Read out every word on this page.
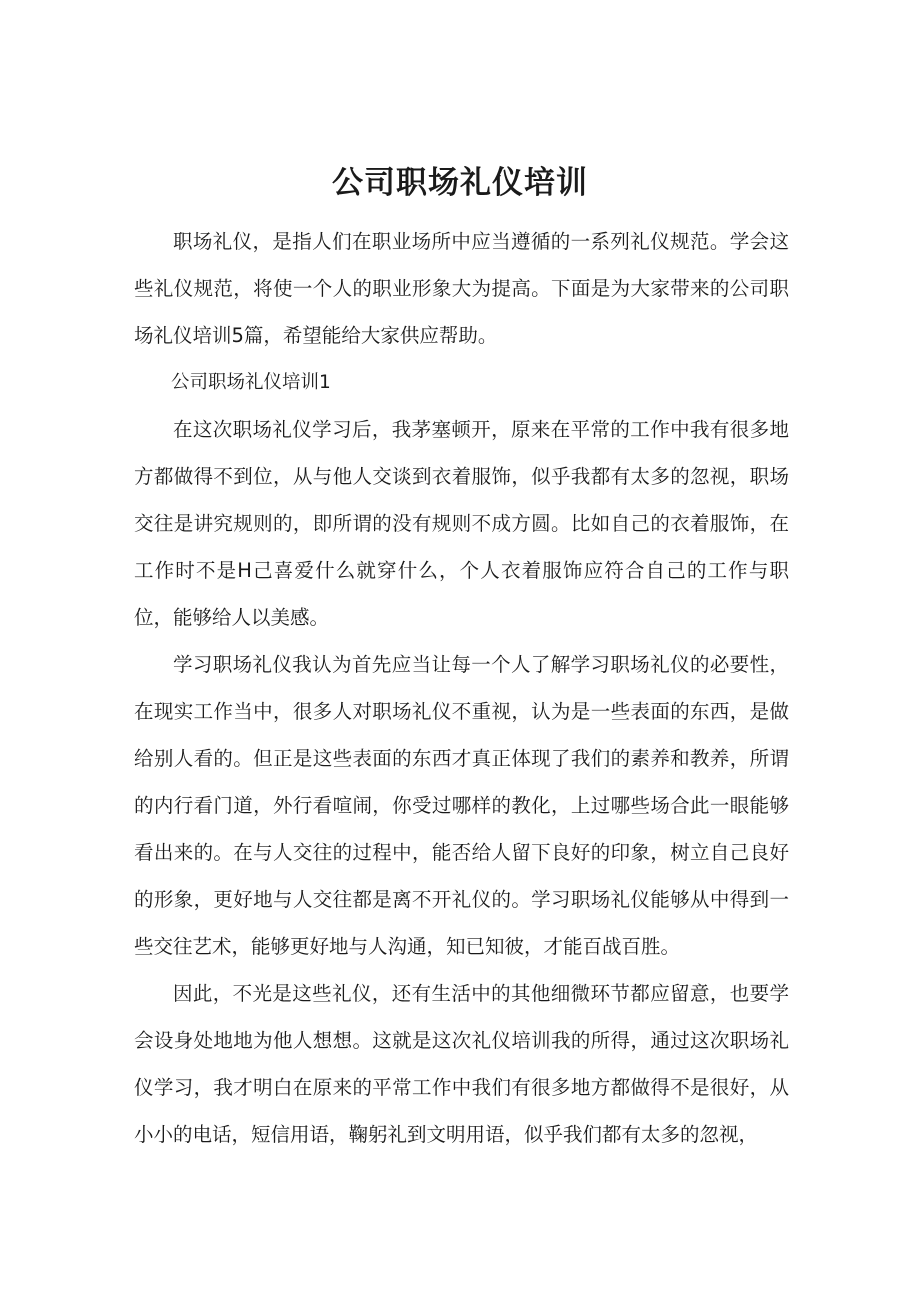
公司职场礼仪培训

职场礼仪，是指人们在职业场所中应当遵循的一系列礼仪规范。学会这些礼仪规范，将使一个人的职业形象大为提高。下面是为大家带来的公司职场礼仪培训5篇，希望能给大家供应帮助。

公司职场礼仪培训1

在这次职场礼仪学习后，我茅塞顿开，原来在平常的工作中我有很多地方都做得不到位，从与他人交谈到衣着服饰，似乎我都有太多的忽视，职场交往是讲究规则的，即所谓的没有规则不成方圆。比如自己的衣着服饰，在工作时不是H己喜爱什么就穿什么，个人衣着服饰应符合自己的工作与职位，能够给人以美感。

学习职场礼仪我认为首先应当让每一个人了解学习职场礼仪的必要性，在现实工作当中，很多人对职场礼仪不重视，认为是一些表面的东西，是做给别人看的。但正是这些表面的东西才真正体现了我们的素养和教养，所谓的内行看门道，外行看喧闹，你受过哪样的教化，上过哪些场合此一眼能够看出来的。在与人交往的过程中，能否给人留下良好的印象，树立自己良好的形象，更好地与人交往都是离不开礼仪的。学习职场礼仪能够从中得到一些交往艺术，能够更好地与人沟通，知已知彼，才能百战百胜。

因此，不光是这些礼仪，还有生活中的其他细微环节都应留意，也要学会设身处地地为他人想想。这就是这次礼仪培训我的所得，通过这次职场礼仪学习，我才明白在原来的平常工作中我们有很多地方都做得不是很好，从小小的电话，短信用语，鞠躬礼到文明用语，似乎我们都有太多的忽视，
